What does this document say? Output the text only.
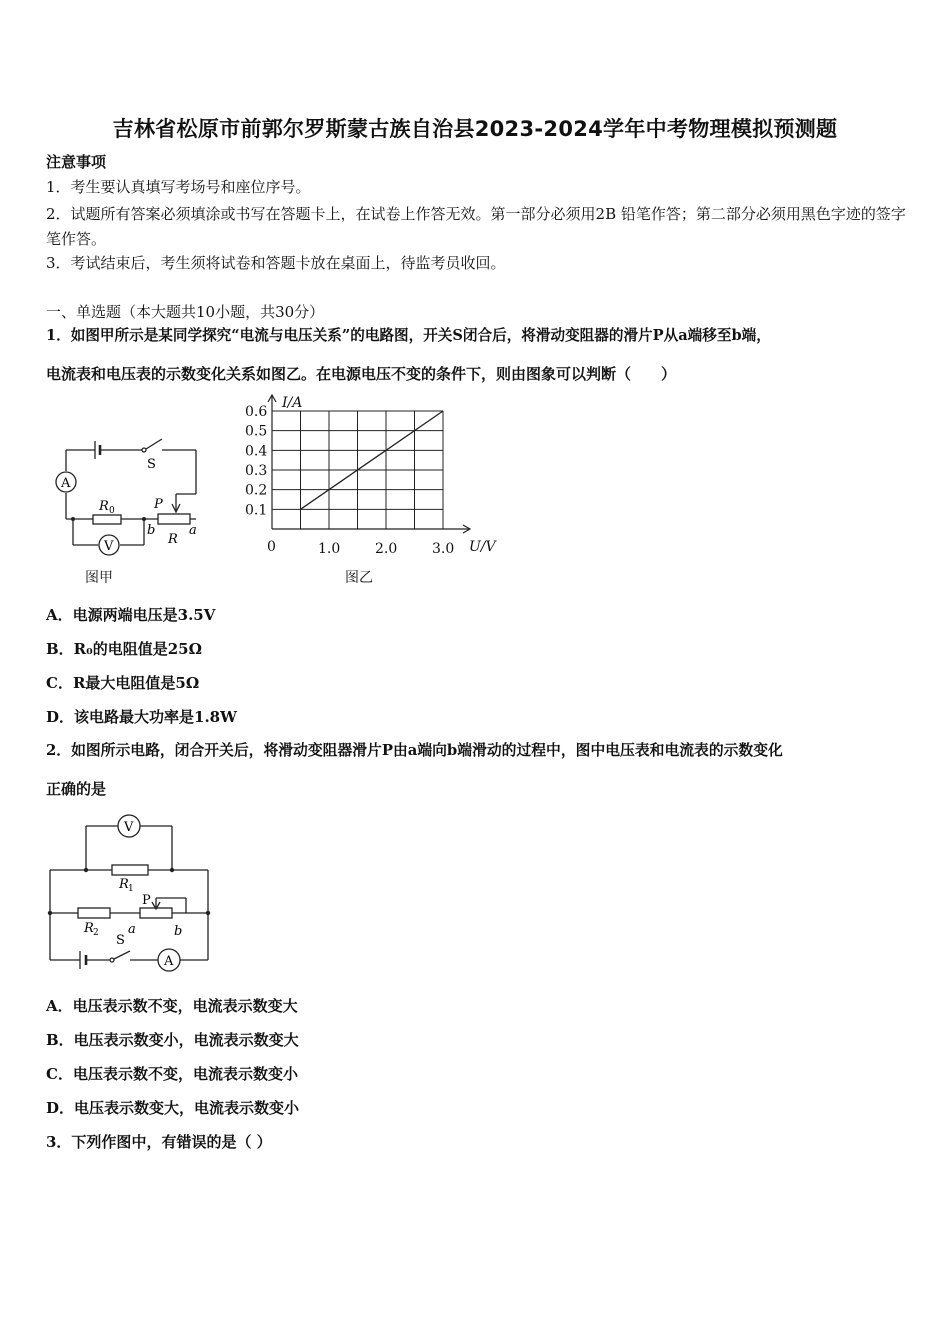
吉林省松原市前郭尔罗斯蒙古族自治县2023-2024学年中考物理模拟预测题
注意事项
1．考生要认真填写考场号和座位序号。
2．试题所有答案必须填涂或书写在答题卡上，在试卷上作答无效。第一部分必须用2B 铅笔作答；第二部分必须用黑色字迹的签字笔作答。
3．考试结束后，考生须将试卷和答题卡放在桌面上，待监考员收回。
一、单选题（本大题共10小题，共30分）
1．如图甲所示是某同学探究“电流与电压关系”的电路图，开关S闭合后，将滑动变阻器的滑片P从a端移至b端，
电流表和电压表的示数变化关系如图乙。在电源电压不变的条件下，则由图象可以判断（　　）
A
V
S
R 0	P
R
b	a
图甲
0.1
0.2
0.3
0.4
0.5
0.6
1.0 2.0 3.0
0
I/A
U/V
图乙
A．电源两端电压是3.5V
B．R₀的电阻值是25Ω
C．R最大电阻值是5Ω
D．该电路最大功率是1.8W
2．如图所示电路，闭合开关后，将滑动变阻器滑片P由a端向b端滑动的过程中，图中电压表和电流表的示数变化
正确的是
V
A
R 1
R 2
P
S
a	b
A．电压表示数不变，电流表示数变大
B．电压表示数变小，电流表示数变大
C．电压表示数不变，电流表示数变小
D．电压表示数变大，电流表示数变小
3．下列作图中，有错误的是（ ）
